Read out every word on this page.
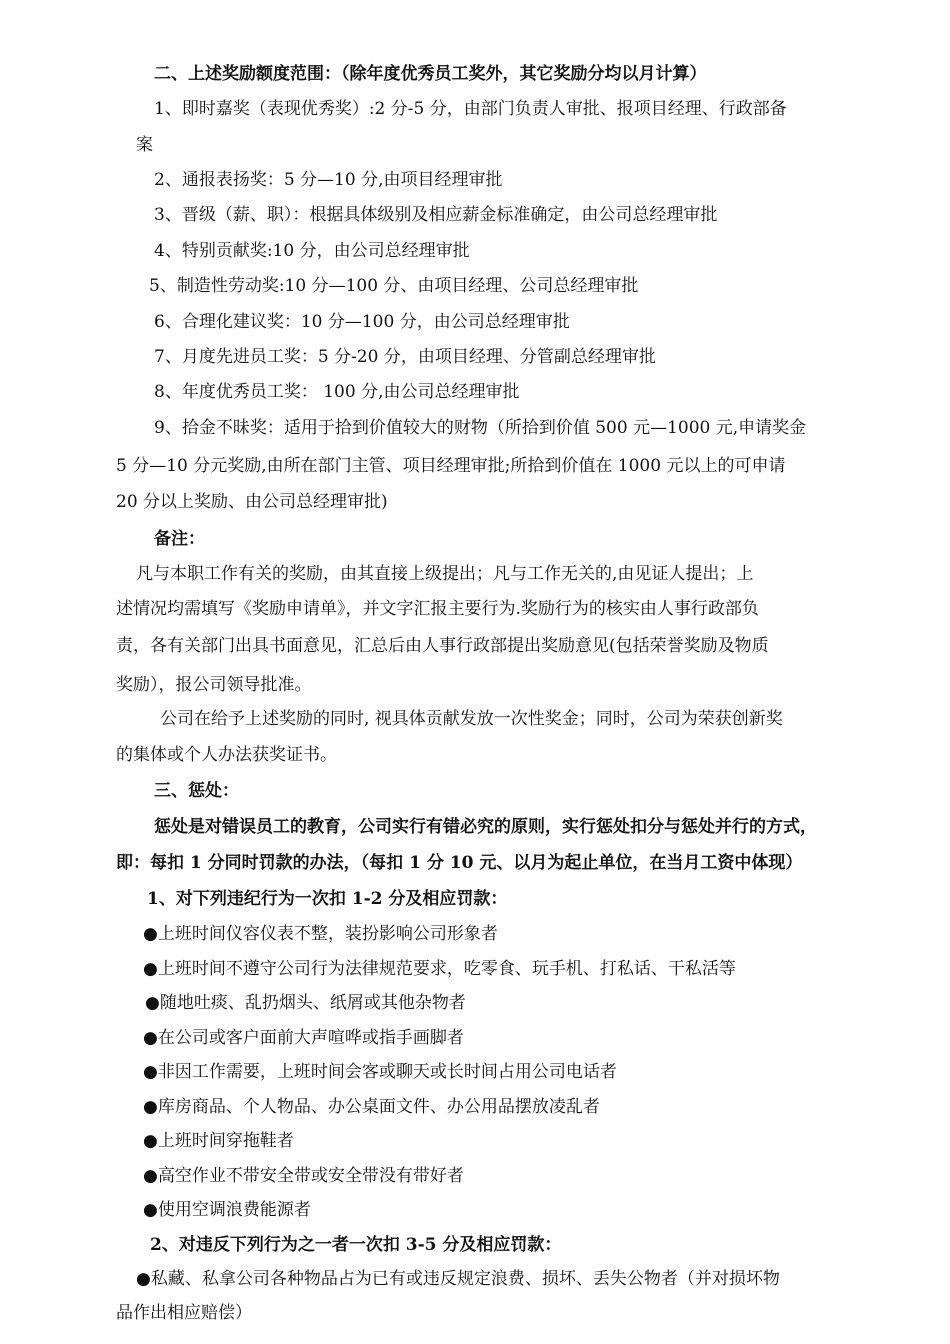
二、上述奖励额度范围：（除年度优秀员工奖外，其它奖励分均以月计算）
1、即时嘉奖（表现优秀奖）:2 分-5 分，由部门负责人审批、报项目经理、行政部备
案
2、通报表扬奖：5 分—10 分,由项目经理审批
3、晋级（薪、职）：根据具体级别及相应薪金标准确定，由公司总经理审批
4、特别贡献奖:10 分，由公司总经理审批
5、制造性劳动奖:10 分—100 分、由项目经理、公司总经理审批
6、合理化建议奖：10 分—100 分，由公司总经理审批
7、月度先进员工奖：5 分-20 分，由项目经理、分管副总经理审批
8、年度优秀员工奖： 100 分,由公司总经理审批
9、拾金不昧奖：适用于拾到价值较大的财物（所拾到价值 500 元—1000 元,申请奖金
5 分—10 分元奖励,由所在部门主管、项目经理审批;所拾到价值在 1000 元以上的可申请
20 分以上奖励、由公司总经理审批)
备注：
凡与本职工作有关的奖励，由其直接上级提出；凡与工作无关的,由见证人提出；上
述情况均需填写《奖励申请单》，并文字汇报主要行为.奖励行为的核实由人事行政部负
责，各有关部门出具书面意见，汇总后由人事行政部提出奖励意见(包括荣誉奖励及物质
奖励），报公司领导批准。
公司在给予上述奖励的同时, 视具体贡献发放一次性奖金；同时，公司为荣获创新奖
的集体或个人办法获奖证书。
三、惩处：
惩处是对错误员工的教育，公司实行有错必究的原则，实行惩处扣分与惩处并行的方式，
即：每扣 1 分同时罚款的办法，（每扣 1 分 10 元、以月为起止单位，在当月工资中体现）
1、对下列违纪行为一次扣 1-2 分及相应罚款：
●上班时间仪容仪表不整，装扮影响公司形象者
●上班时间不遵守公司行为法律规范要求，吃零食、玩手机、打私话、干私活等
●随地吐痰、乱扔烟头、纸屑或其他杂物者
●在公司或客户面前大声喧哗或指手画脚者
●非因工作需要，上班时间会客或聊天或长时间占用公司电话者
●库房商品、个人物品、办公桌面文件、办公用品摆放凌乱者
●上班时间穿拖鞋者
●高空作业不带安全带或安全带没有带好者
●使用空调浪费能源者
2、对违反下列行为之一者一次扣 3-5 分及相应罚款：
●私藏、私拿公司各种物品占为已有或违反规定浪费、损坏、丢失公物者（并对损坏物
品作出相应赔偿）
